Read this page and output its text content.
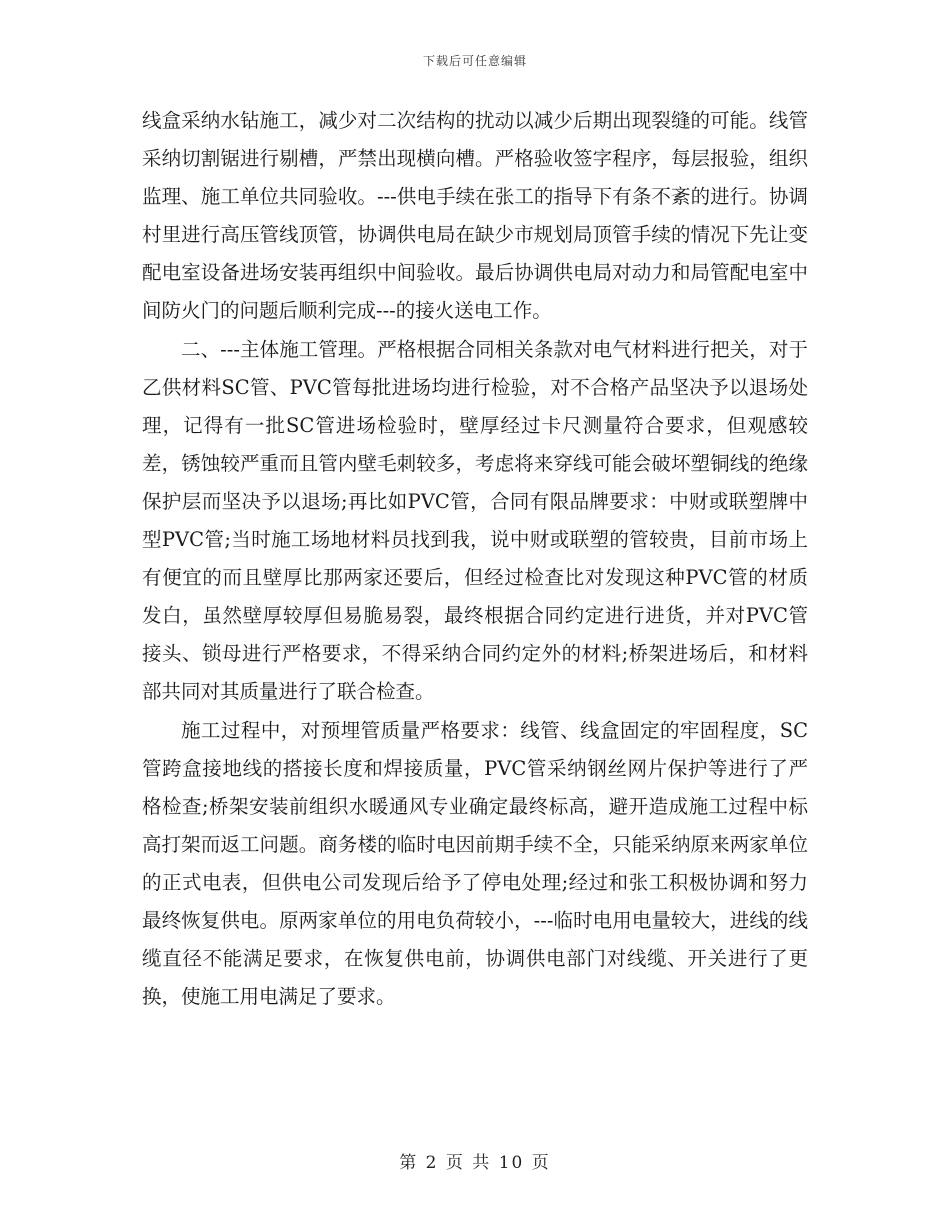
下载后可任意编辑

线盒采纳水钻施工，减少对二次结构的扰动以减少后期出现裂缝的可能。线管采纳切割锯进行剔槽，严禁出现横向槽。严格验收签字程序，每层报验，组织监理、施工单位共同验收。---供电手续在张工的指导下有条不紊的进行。协调村里进行高压管线顶管，协调供电局在缺少市规划局顶管手续的情况下先让变配电室设备进场安装再组织中间验收。最后协调供电局对动力和局管配电室中间防火门的问题后顺利完成---的接火送电工作。

二、---主体施工管理。严格根据合同相关条款对电气材料进行把关，对于乙供材料SC管、PVC管每批进场均进行检验，对不合格产品坚决予以退场处理，记得有一批SC管进场检验时，壁厚经过卡尺测量符合要求，但观感较差，锈蚀较严重而且管内壁毛刺较多，考虑将来穿线可能会破坏塑铜线的绝缘保护层而坚决予以退场;再比如PVC管，合同有限品牌要求：中财或联塑牌中型PVC管;当时施工场地材料员找到我，说中财或联塑的管较贵，目前市场上有便宜的而且壁厚比那两家还要后，但经过检查比对发现这种PVC管的材质发白，虽然壁厚较厚但易脆易裂，最终根据合同约定进行进货，并对PVC管接头、锁母进行严格要求，不得采纳合同约定外的材料;桥架进场后，和材料部共同对其质量进行了联合检查。

施工过程中，对预埋管质量严格要求：线管、线盒固定的牢固程度，SC管跨盒接地线的搭接长度和焊接质量，PVC管采纳钢丝网片保护等进行了严格检查;桥架安装前组织水暖通风专业确定最终标高，避开造成施工过程中标高打架而返工问题。商务楼的临时电因前期手续不全，只能采纳原来两家单位的正式电表，但供电公司发现后给予了停电处理;经过和张工积极协调和努力最终恢复供电。原两家单位的用电负荷较小，---临时电用电量较大，进线的线缆直径不能满足要求，在恢复供电前，协调供电部门对线缆、开关进行了更换，使施工用电满足了要求。

第 2 页 共 10 页
